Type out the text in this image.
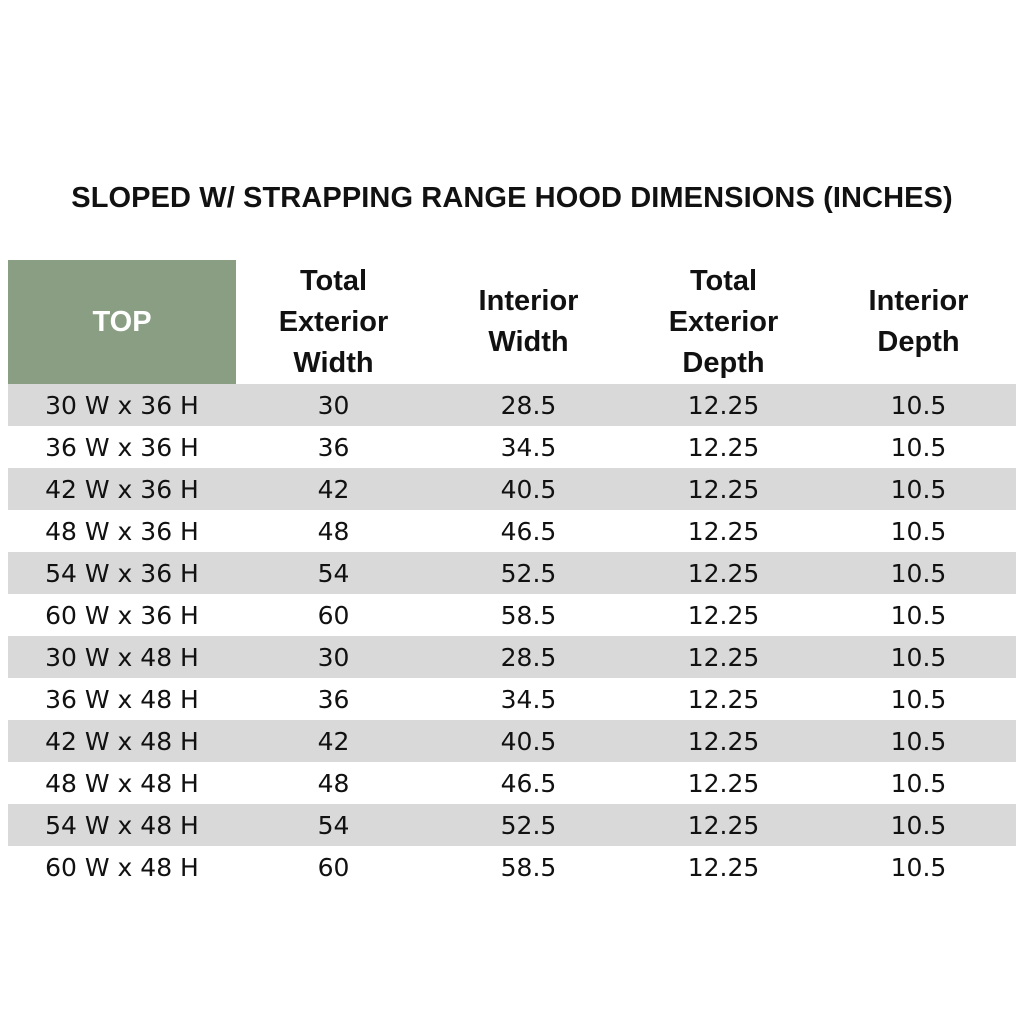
SLOPED W/ STRAPPING RANGE HOOD DIMENSIONS (INCHES)
TOP	Total
Exterior
Width	Interior
Width	Total
Exterior
Depth	Interior
Depth

30 W x 36 H	30	28.5	12.25	10.5
36 W x 36 H	36	34.5	12.25	10.5
42 W x 36 H	42	40.5	12.25	10.5
48 W x 36 H	48	46.5	12.25	10.5
54 W x 36 H	54	52.5	12.25	10.5
60 W x 36 H	60	58.5	12.25	10.5
30 W x 48 H	30	28.5	12.25	10.5
36 W x 48 H	36	34.5	12.25	10.5
42 W x 48 H	42	40.5	12.25	10.5
48 W x 48 H	48	46.5	12.25	10.5
54 W x 48 H	54	52.5	12.25	10.5
60 W x 48 H	60	58.5	12.25	10.5
